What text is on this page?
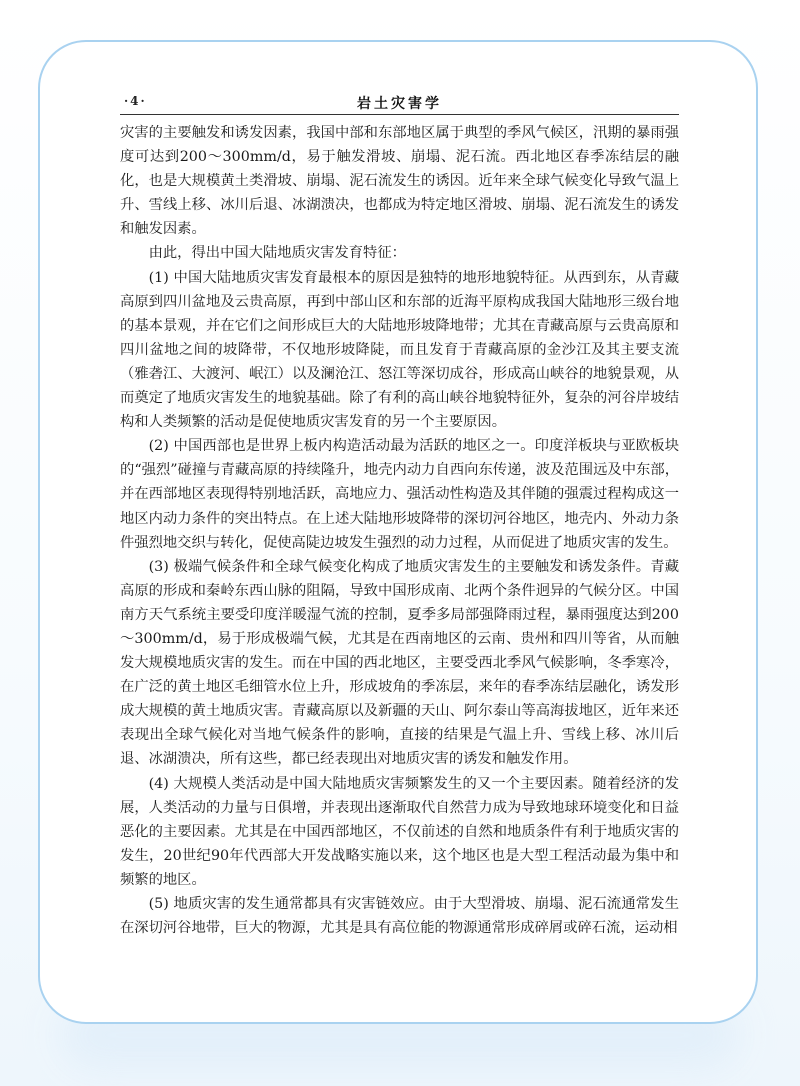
·4·	岩土灾害学

灾害的主要触发和诱发因素，我国中部和东部地区属于典型的季风气候区，汛期的暴雨强度可达到200～300mm/d，易于触发滑坡、崩塌、泥石流。西北地区春季冻结层的融化，也是大规模黄土类滑坡、崩塌、泥石流发生的诱因。近年来全球气候变化导致气温上升、雪线上移、冰川后退、冰湖溃决，也都成为特定地区滑坡、崩塌、泥石流发生的诱发和触发因素。

由此，得出中国大陆地质灾害发育特征：

(1) 中国大陆地质灾害发育最根本的原因是独特的地形地貌特征。从西到东，从青藏高原到四川盆地及云贵高原，再到中部山区和东部的近海平原构成我国大陆地形三级台地的基本景观，并在它们之间形成巨大的大陆地形坡降地带；尤其在青藏高原与云贵高原和四川盆地之间的坡降带，不仅地形坡降陡，而且发育于青藏高原的金沙江及其主要支流（雅砻江、大渡河、岷江）以及澜沧江、怒江等深切成谷，形成高山峡谷的地貌景观，从而奠定了地质灾害发生的地貌基础。除了有利的高山峡谷地貌特征外，复杂的河谷岸坡结构和人类频繁的活动是促使地质灾害发育的另一个主要原因。

(2) 中国西部也是世界上板内构造活动最为活跃的地区之一。印度洋板块与亚欧板块的“强烈”碰撞与青藏高原的持续隆升，地壳内动力自西向东传递，波及范围远及中东部，并在西部地区表现得特别地活跃，高地应力、强活动性构造及其伴随的强震过程构成这一地区内动力条件的突出特点。在上述大陆地形坡降带的深切河谷地区，地壳内、外动力条件强烈地交织与转化，促使高陡边坡发生强烈的动力过程，从而促进了地质灾害的发生。

(3) 极端气候条件和全球气候变化构成了地质灾害发生的主要触发和诱发条件。青藏高原的形成和秦岭东西山脉的阻隔，导致中国形成南、北两个条件迥异的气候分区。中国南方天气系统主要受印度洋暖湿气流的控制，夏季多局部强降雨过程，暴雨强度达到200～300mm/d，易于形成极端气候，尤其是在西南地区的云南、贵州和四川等省，从而触发大规模地质灾害的发生。而在中国的西北地区，主要受西北季风气候影响，冬季寒冷，在广泛的黄土地区毛细管水位上升，形成坡角的季冻层，来年的春季冻结层融化，诱发形成大规模的黄土地质灾害。青藏高原以及新疆的天山、阿尔泰山等高海拔地区，近年来还表现出全球气候化对当地气候条件的影响，直接的结果是气温上升、雪线上移、冰川后退、冰湖溃决，所有这些，都已经表现出对地质灾害的诱发和触发作用。

(4) 大规模人类活动是中国大陆地质灾害频繁发生的又一个主要因素。随着经济的发展，人类活动的力量与日俱增，并表现出逐渐取代自然营力成为导致地球环境变化和日益恶化的主要因素。尤其是在中国西部地区，不仅前述的自然和地质条件有利于地质灾害的发生，20世纪90年代西部大开发战略实施以来，这个地区也是大型工程活动最为集中和频繁的地区。

(5) 地质灾害的发生通常都具有灾害链效应。由于大型滑坡、崩塌、泥石流通常发生在深切河谷地带，巨大的物源，尤其是具有高位能的物源通常形成碎屑或碎石流，运动相
